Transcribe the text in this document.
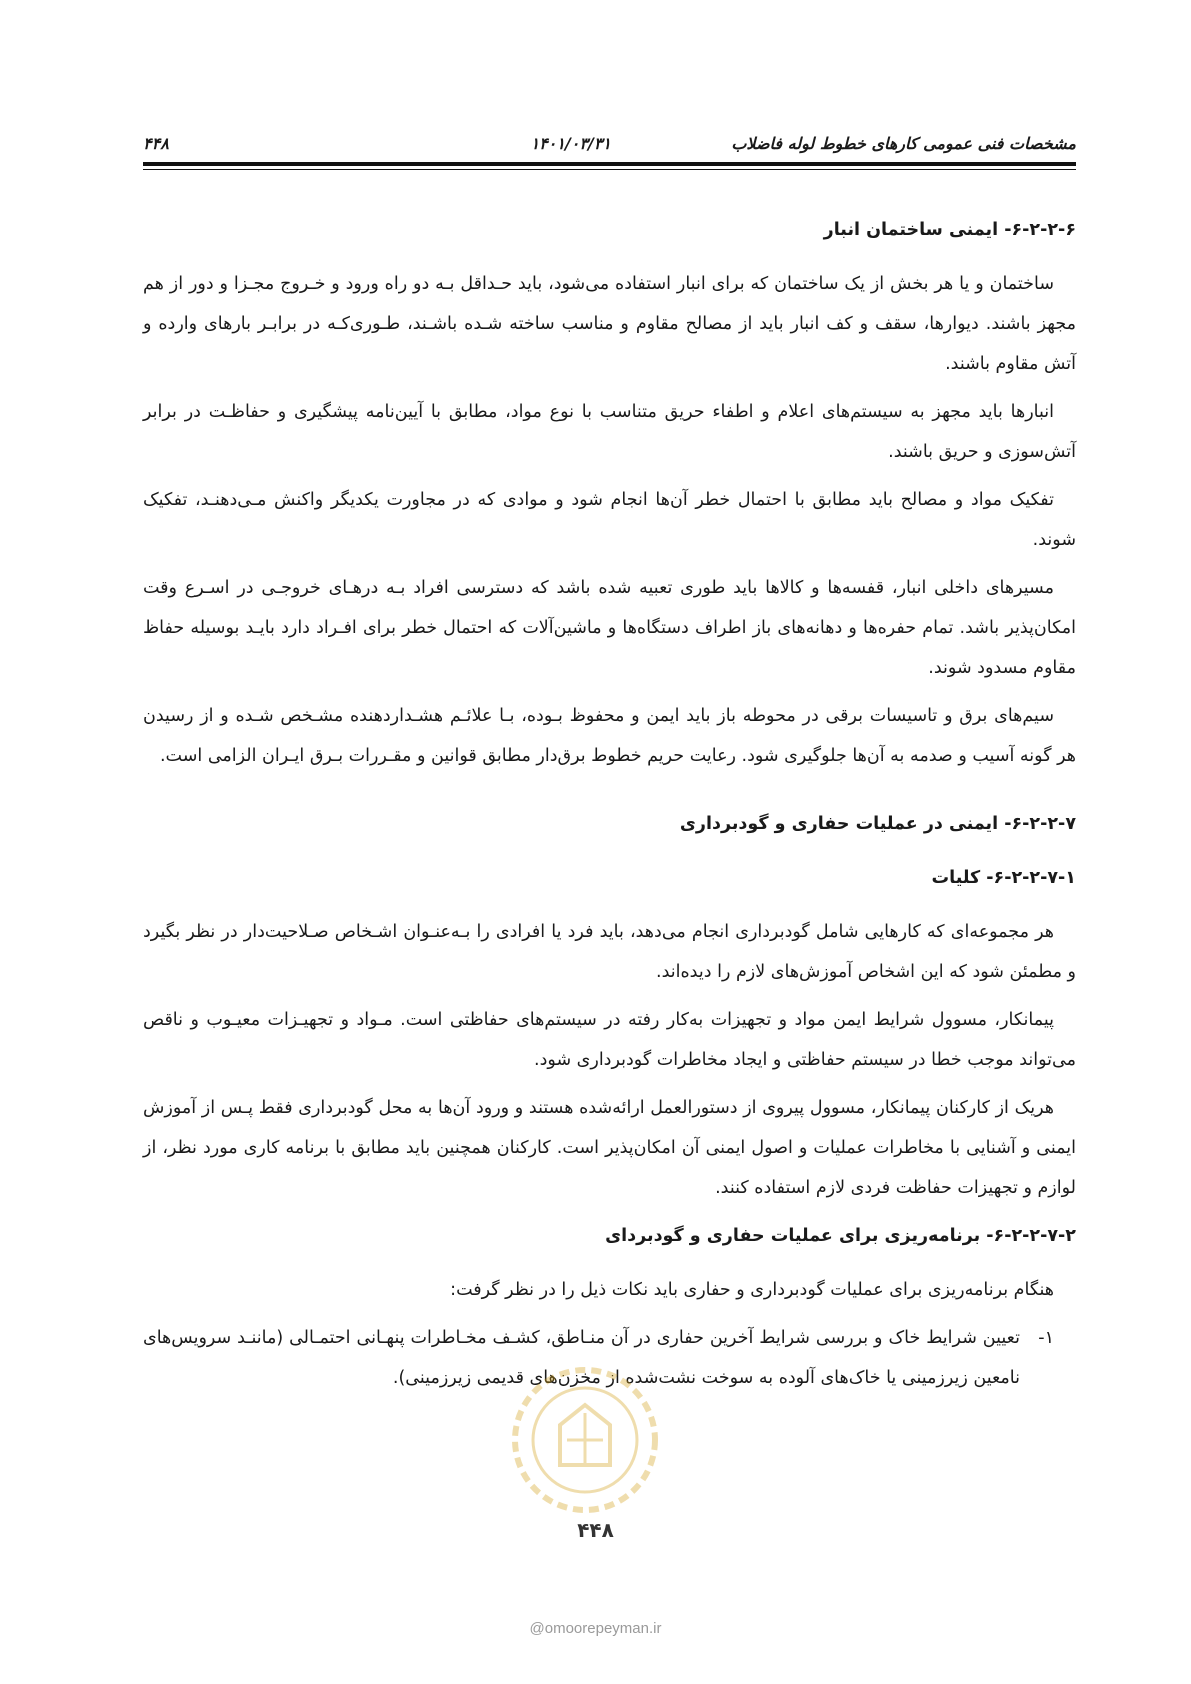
مشخصات فنی عمومی کارهای خطوط لوله فاضلاب
۱۴۰۱/۰۳/۳۱
۴۴۸
۶-۲-۲-۶- ایمنی ساختمان انبار

ساختمان و یا هر بخش از یک ساختمان که برای انبار استفاده می‌شود، باید حـداقل بـه دو راه ورود و خـروج مجـزا و دور از هم مجهز باشند. دیوارها، سقف و کف انبار باید از مصالح مقاوم و مناسب ساخته شـده باشـند، طـوری‌کـه در برابـر بارهای وارده و آتش مقاوم باشند.

انبارها باید مجهز به سیستم‌های اعلام و اطفاء حریق متناسب با نوع مواد، مطابق با آیین‌نامه پیشگیری و حفاظـت در برابر آتش‌سوزی و حریق باشند.

تفکیک مواد و مصالح باید مطابق با احتمال خطر آن‌ها انجام شود و موادی که در مجاورت یکدیگر واکنش مـی‌دهنـد، تفکیک شوند.

مسیرهای داخلی انبار، قفسه‌ها و کالاها باید طوری تعبیه شده باشد که دسترسی افراد بـه درهـای خروجـی در اسـرع وقت امکان‌پذیر باشد. تمام حفره‌ها و دهانه‌های باز اطراف دستگاه‌ها و ماشین‌آلات که احتمال خطر برای افـراد دارد بایـد بوسیله حفاظ مقاوم مسدود شوند.

سیم‌های برق و تاسیسات برقی در محوطه باز باید ایمن و محفوظ بـوده، بـا علائـم هشـداردهنده مشـخص شـده و از رسیدن هر گونه آسیب و صدمه به آن‌ها جلوگیری شود. رعایت حریم خطوط برق‌دار مطابق قوانین و مقـررات بـرق ایـران الزامی است.

۶-۲-۲-۷- ایمنی در عملیات حفاری و گودبرداری
۶-۲-۲-۷-۱- کلیات

هر مجموعه‌ای که کارهایی شامل گودبرداری انجام می‌دهد، باید فرد یا افرادی را بـه‌عنـوان اشـخاص صـلاحیت‌دار در نظر بگیرد و مطمئن شود که این اشخاص آموزش‌های لازم را دیده‌اند.

پیمانکار، مسوول شرایط ایمن مواد و تجهیزات به‌کار رفته در سیستم‌های حفاظتی است. مـواد و تجهیـزات معیـوب و ناقص می‌تواند موجب خطا در سیستم حفاظتی و ایجاد مخاطرات گودبرداری شود.

هریک از کارکنان پیمانکار، مسوول پیروی از دستورالعمل ارائه‌شده هستند و ورود آن‌ها به محل گودبرداری فقط پـس از آموزش ایمنی و آشنایی با مخاطرات عملیات و اصول ایمنی آن امکان‌پذیر است. کارکنان همچنین باید مطابق با برنامه کاری مورد نظر، از لوازم و تجهیزات حفاظت فردی لازم استفاده کنند.

۶-۲-۲-۷-۲- برنامه‌ریزی برای عملیات حفاری و گودبردای

هنگام برنامه‌ریزی برای عملیات گودبرداری و حفاری باید نکات ذیل را در نظر گرفت:

۱-
تعیین شرایط خاک و بررسی شرایط آخرین حفاری در آن منـاطق، کشـف مخـاطرات پنهـانی احتمـالی (ماننـد سرویس‌های نامعین زیرزمینی یا خاک‌های آلوده به سوخت نشت‌شده از مخزن‌های قدیمی زیرزمینی).
۴۴۸
@omoorepeyman.ir
